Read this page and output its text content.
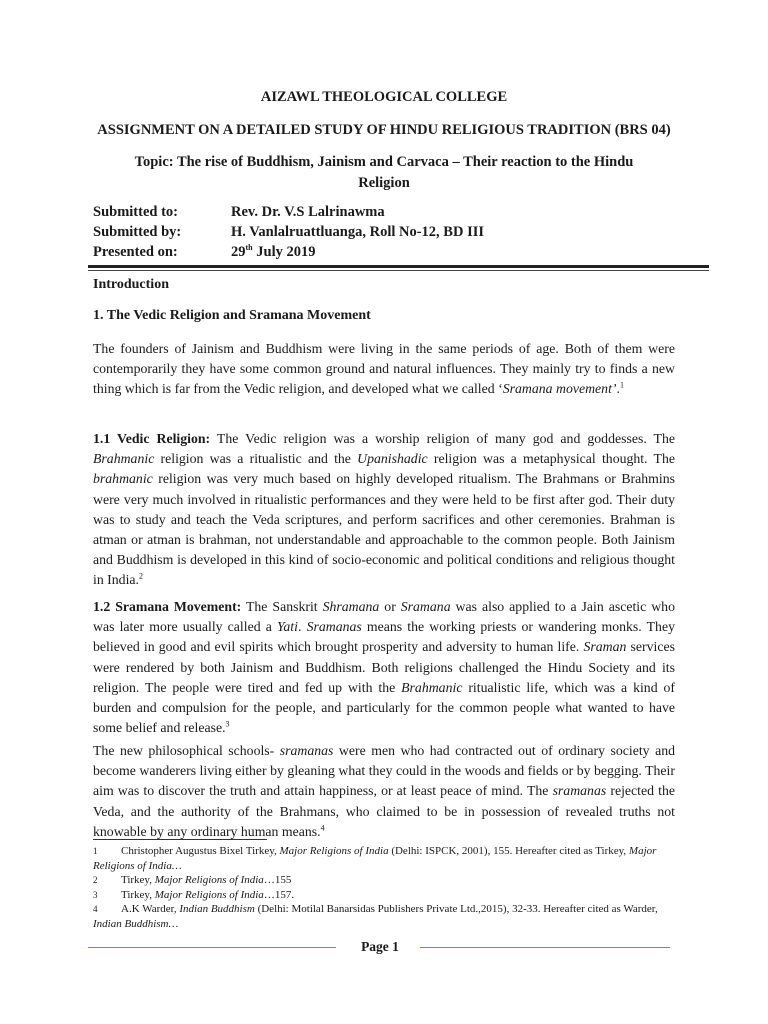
AIZAWL THEOLOGICAL COLLEGE
ASSIGNMENT ON A DETAILED STUDY OF HINDU RELIGIOUS TRADITION (BRS 04)
Topic: The rise of Buddhism, Jainism and Carvaca – Their reaction to the Hindu
Religion
Submitted to:	Rev. Dr. V.S Lalrinawma
Submitted by:	H. Vanlalruattluanga, Roll No-12, BD III
Presented on:	29th July 2019
Introduction
1. The Vedic Religion and Sramana Movement
The founders of Jainism and Buddhism were living in the same periods of age. Both of them were contemporarily they have some common ground and natural influences. They mainly try to finds a new thing which is far from the Vedic religion, and developed what we called ‘Sramana movement’.$^1$
1.1 Vedic Religion: The Vedic religion was a worship religion of many god and goddesses. The Brahmanic religion was a ritualistic and the Upanishadic religion was a metaphysical thought. The brahmanic religion was very much based on highly developed ritualism. The Brahmans or Brahmins were very much involved in ritualistic performances and they were held to be first after god. Their duty was to study and teach the Veda scriptures, and perform sacrifices and other ceremonies. Brahman is atman or atman is brahman, not understandable and approachable to the common people. Both Jainism and Buddhism is developed in this kind of socio-economic and political conditions and religious thought in India.$^2$
1.2 Sramana Movement: The Sanskrit Shramana or Sramana was also applied to a Jain ascetic who was later more usually called a Yati. Sramanas means the working priests or wandering monks. They believed in good and evil spirits which brought prosperity and adversity to human life. Sraman services were rendered by both Jainism and Buddhism. Both religions challenged the Hindu Society and its religion. The people were tired and fed up with the Brahmanic ritualistic life, which was a kind of burden and compulsion for the people, and particularly for the common people what wanted to have some belief and release.$^3$
The new philosophical schools- sramanas were men who had contracted out of ordinary society and become wanderers living either by gleaning what they could in the woods and fields or by begging. Their aim was to discover the truth and attain happiness, or at least peace of mind. The sramanas rejected the Veda, and the authority of the Brahmans, who claimed to be in possession of revealed truths not knowable by any ordinary human means.$^4$
1 Christopher Augustus Bixel Tirkey, Major Religions of India (Delhi: ISPCK, 2001), 155. Hereafter cited as Tirkey, Major Religions of India…
2 Tirkey, Major Religions of India…155
3 Tirkey, Major Religions of India…157.
4 A.K Warder, Indian Buddhism (Delhi: Motilal Banarsidas Publishers Private Ltd.,2015), 32-33. Hereafter cited as Warder, Indian Buddhism…
Page 1
